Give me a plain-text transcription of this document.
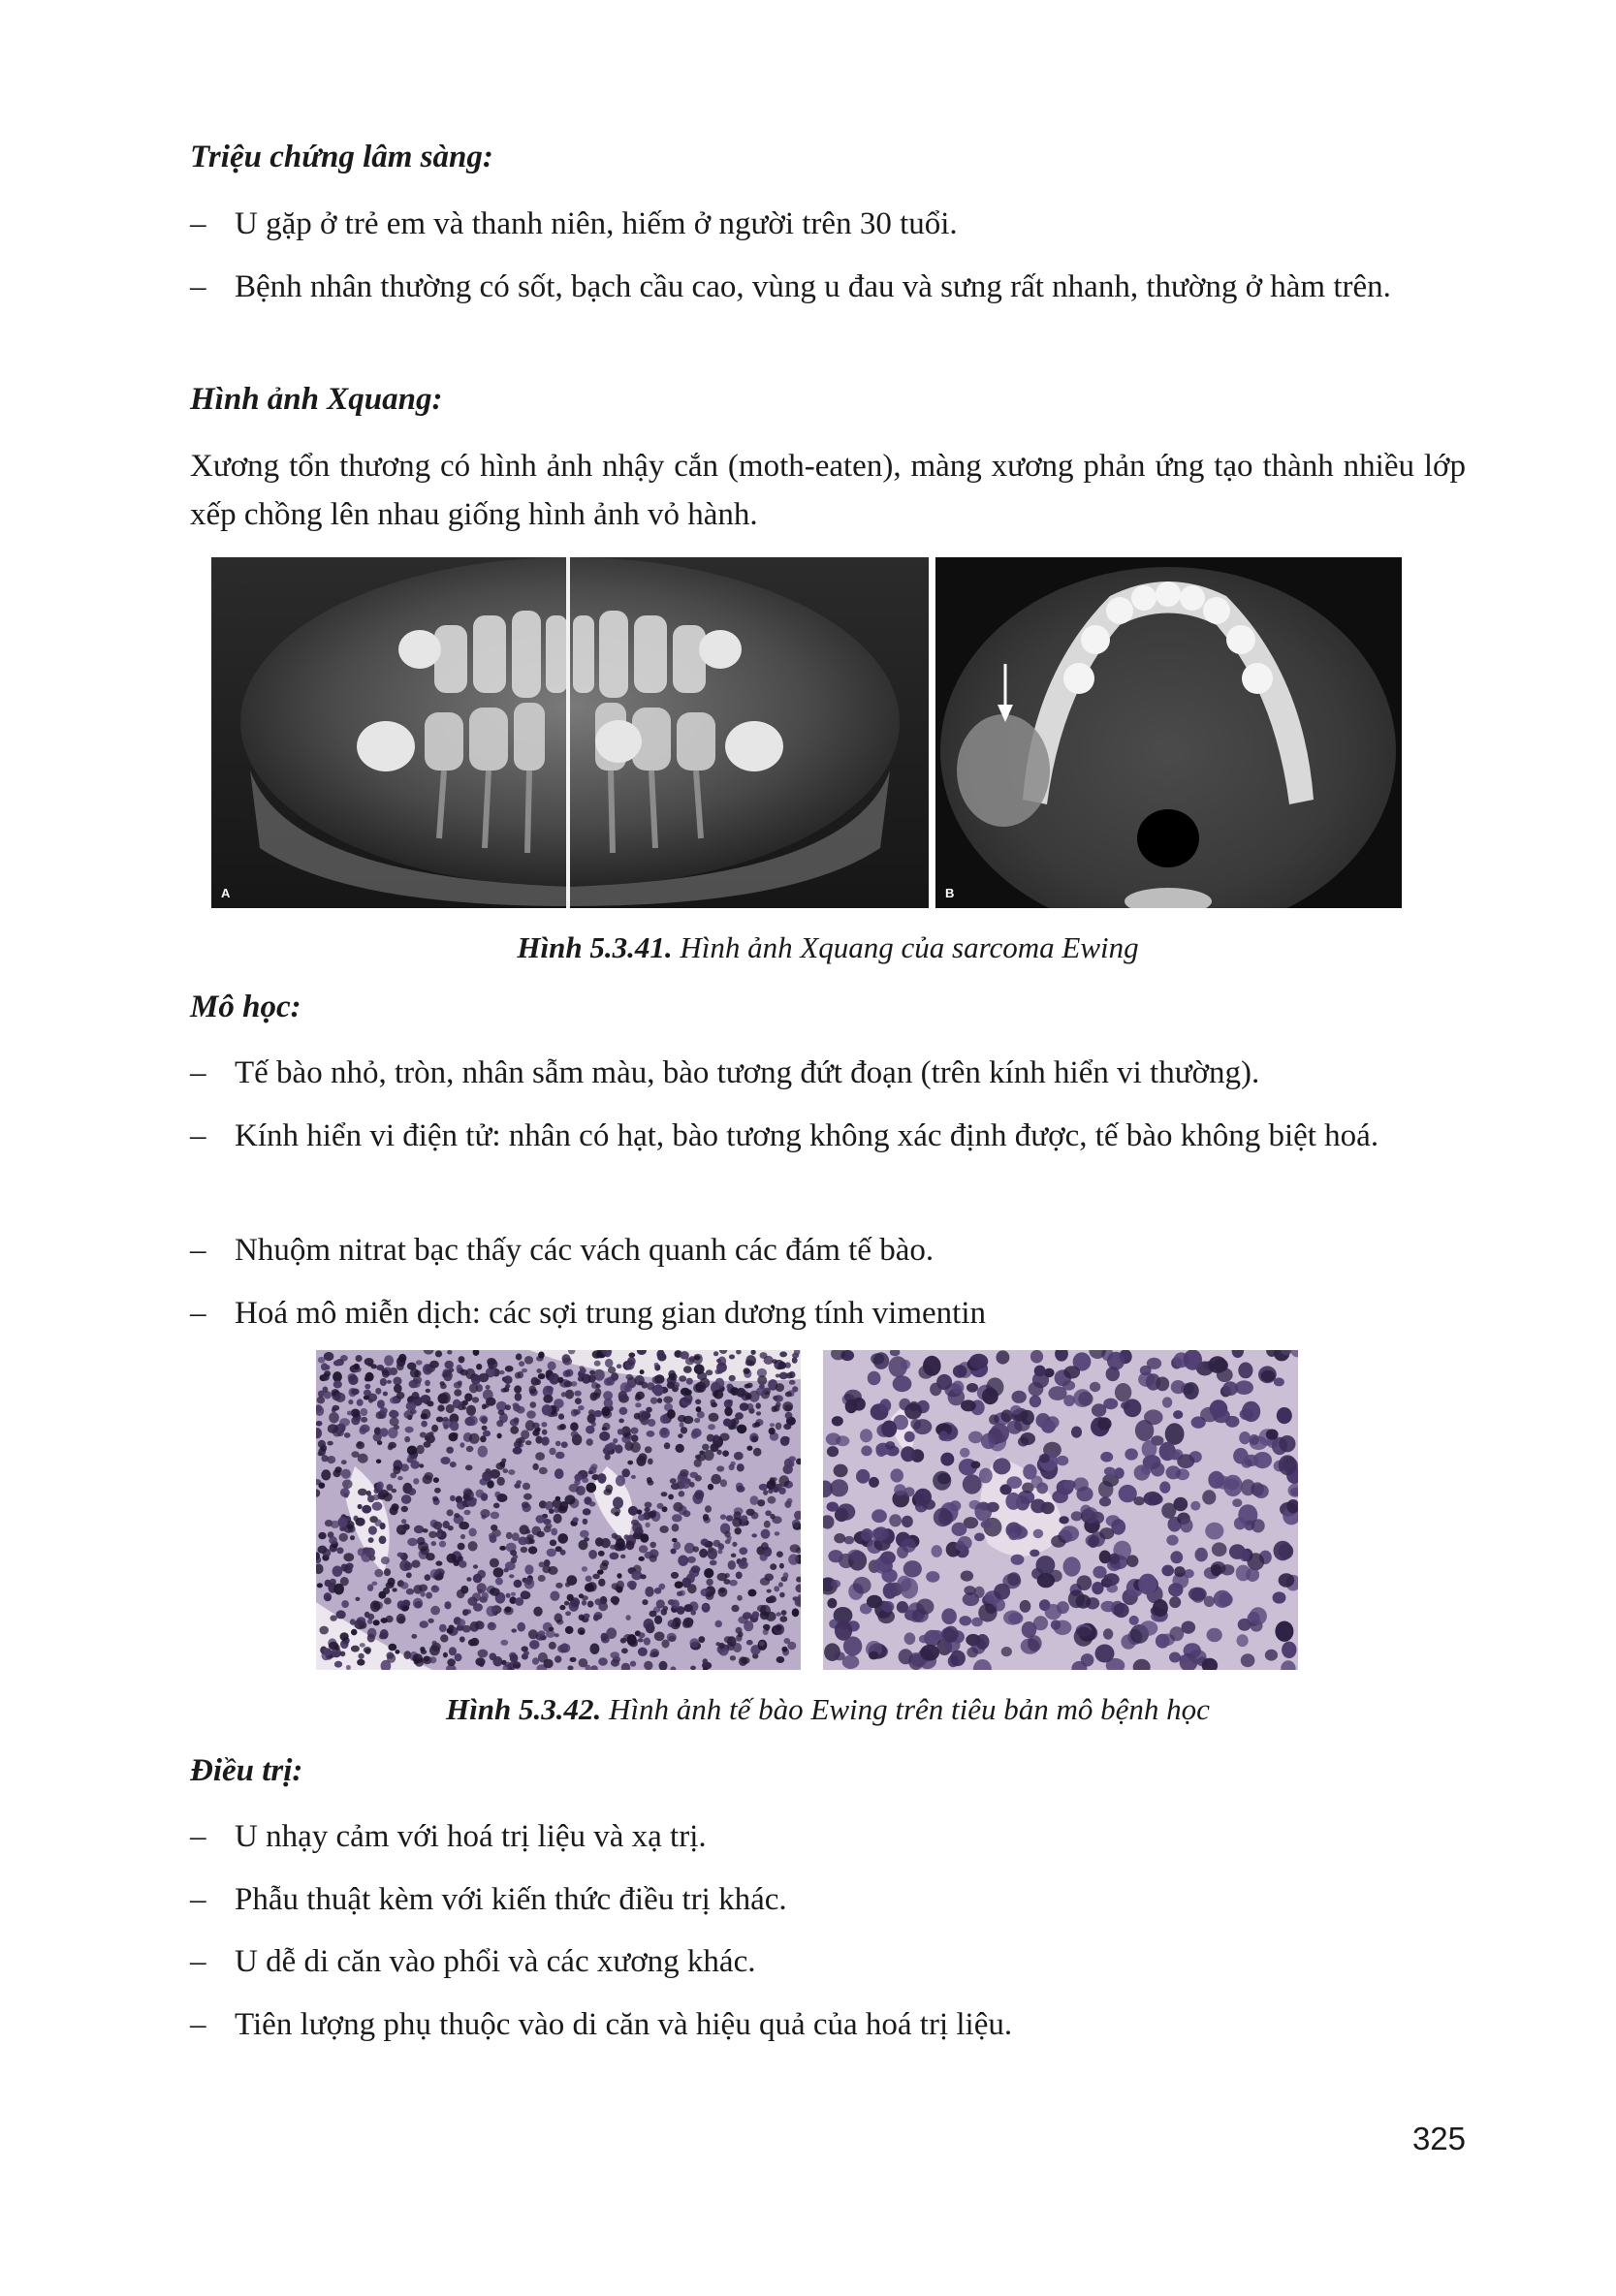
Triệu chứng lâm sàng:
– U gặp ở trẻ em và thanh niên, hiếm ở người trên 30 tuổi.
– Bệnh nhân thường có sốt, bạch cầu cao, vùng u đau và sưng rất nhanh, thường ở hàm trên.
Hình ảnh Xquang:
Xương tổn thương có hình ảnh nhậy cắn (moth-eaten), màng xương phản ứng tạo thành nhiều lớp xếp chồng lên nhau giống hình ảnh vỏ hành.
A	B
Hình 5.3.41. Hình ảnh Xquang của sarcoma Ewing
Mô học:
– Tế bào nhỏ, tròn, nhân sẫm màu, bào tương đứt đoạn (trên kính hiển vi thường).
– Kính hiển vi điện tử: nhân có hạt, bào tương không xác định được, tế bào không biệt hoá.
– Nhuộm nitrat bạc thấy các vách quanh các đám tế bào.
– Hoá mô miễn dịch: các sợi trung gian dương tính vimentin
Hình 5.3.42. Hình ảnh tế bào Ewing trên tiêu bản mô bệnh học
Điều trị:
– U nhạy cảm với hoá trị liệu và xạ trị.
– Phẫu thuật kèm với kiến thức điều trị khác.
– U dễ di căn vào phổi và các xương khác.
– Tiên lượng phụ thuộc vào di căn và hiệu quả của hoá trị liệu.
325
